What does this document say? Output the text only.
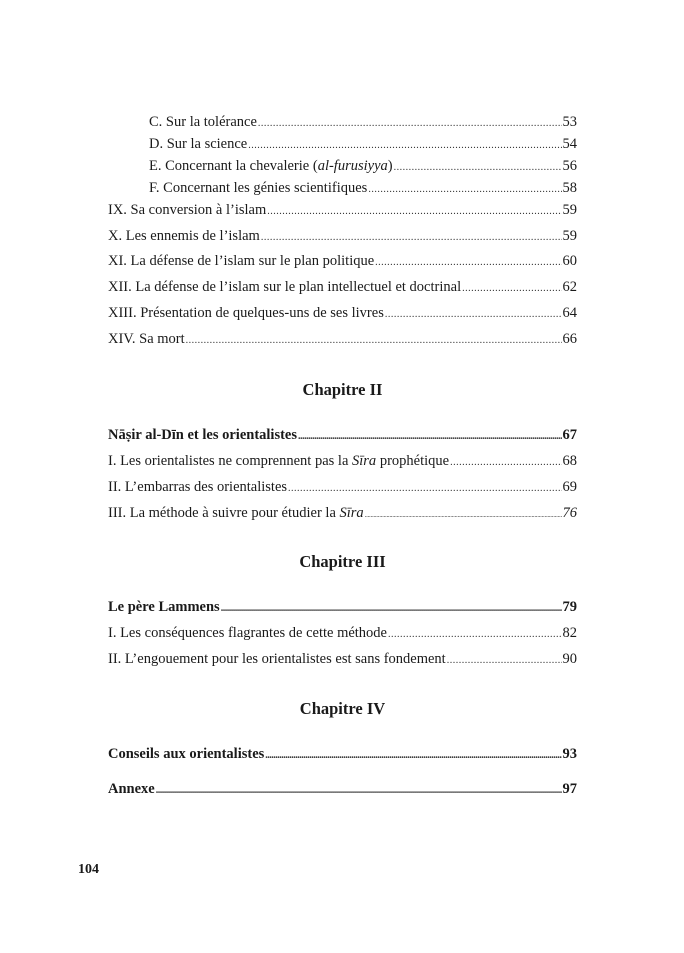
C. Sur la tolérance .....	53
D. Sur la science .....	54
E. Concernant la chevalerie (al-furusiyya) .....	56
F. Concernant les génies scientifiques .....	58
IX. Sa conversion à l’islam .....	59
X. Les ennemis de l’islam .....	59
XI. La défense de l’islam sur le plan politique .....	60
XII. La défense de l’islam sur le plan intellectuel et doctrinal .....	62
XIII. Présentation de quelques-uns de ses livres .....	64
XIV. Sa mort .....	66
Chapitre II
Nāṣir al-Dīn et les orientalistes .....	67
I. Les orientalistes ne comprennent pas la Sīra prophétique .....	68
II. L’embarras des orientalistes .....	69
III. La méthode à suivre pour étudier la Sīra .....	76
Chapitre III
Le père Lammens .....	79
I. Les conséquences flagrantes de cette méthode .....	82
II. L’engouement pour les orientalistes est sans fondement .....	90
Chapitre IV
Conseils aux orientalistes .....	93
Annexe .....	97
104
